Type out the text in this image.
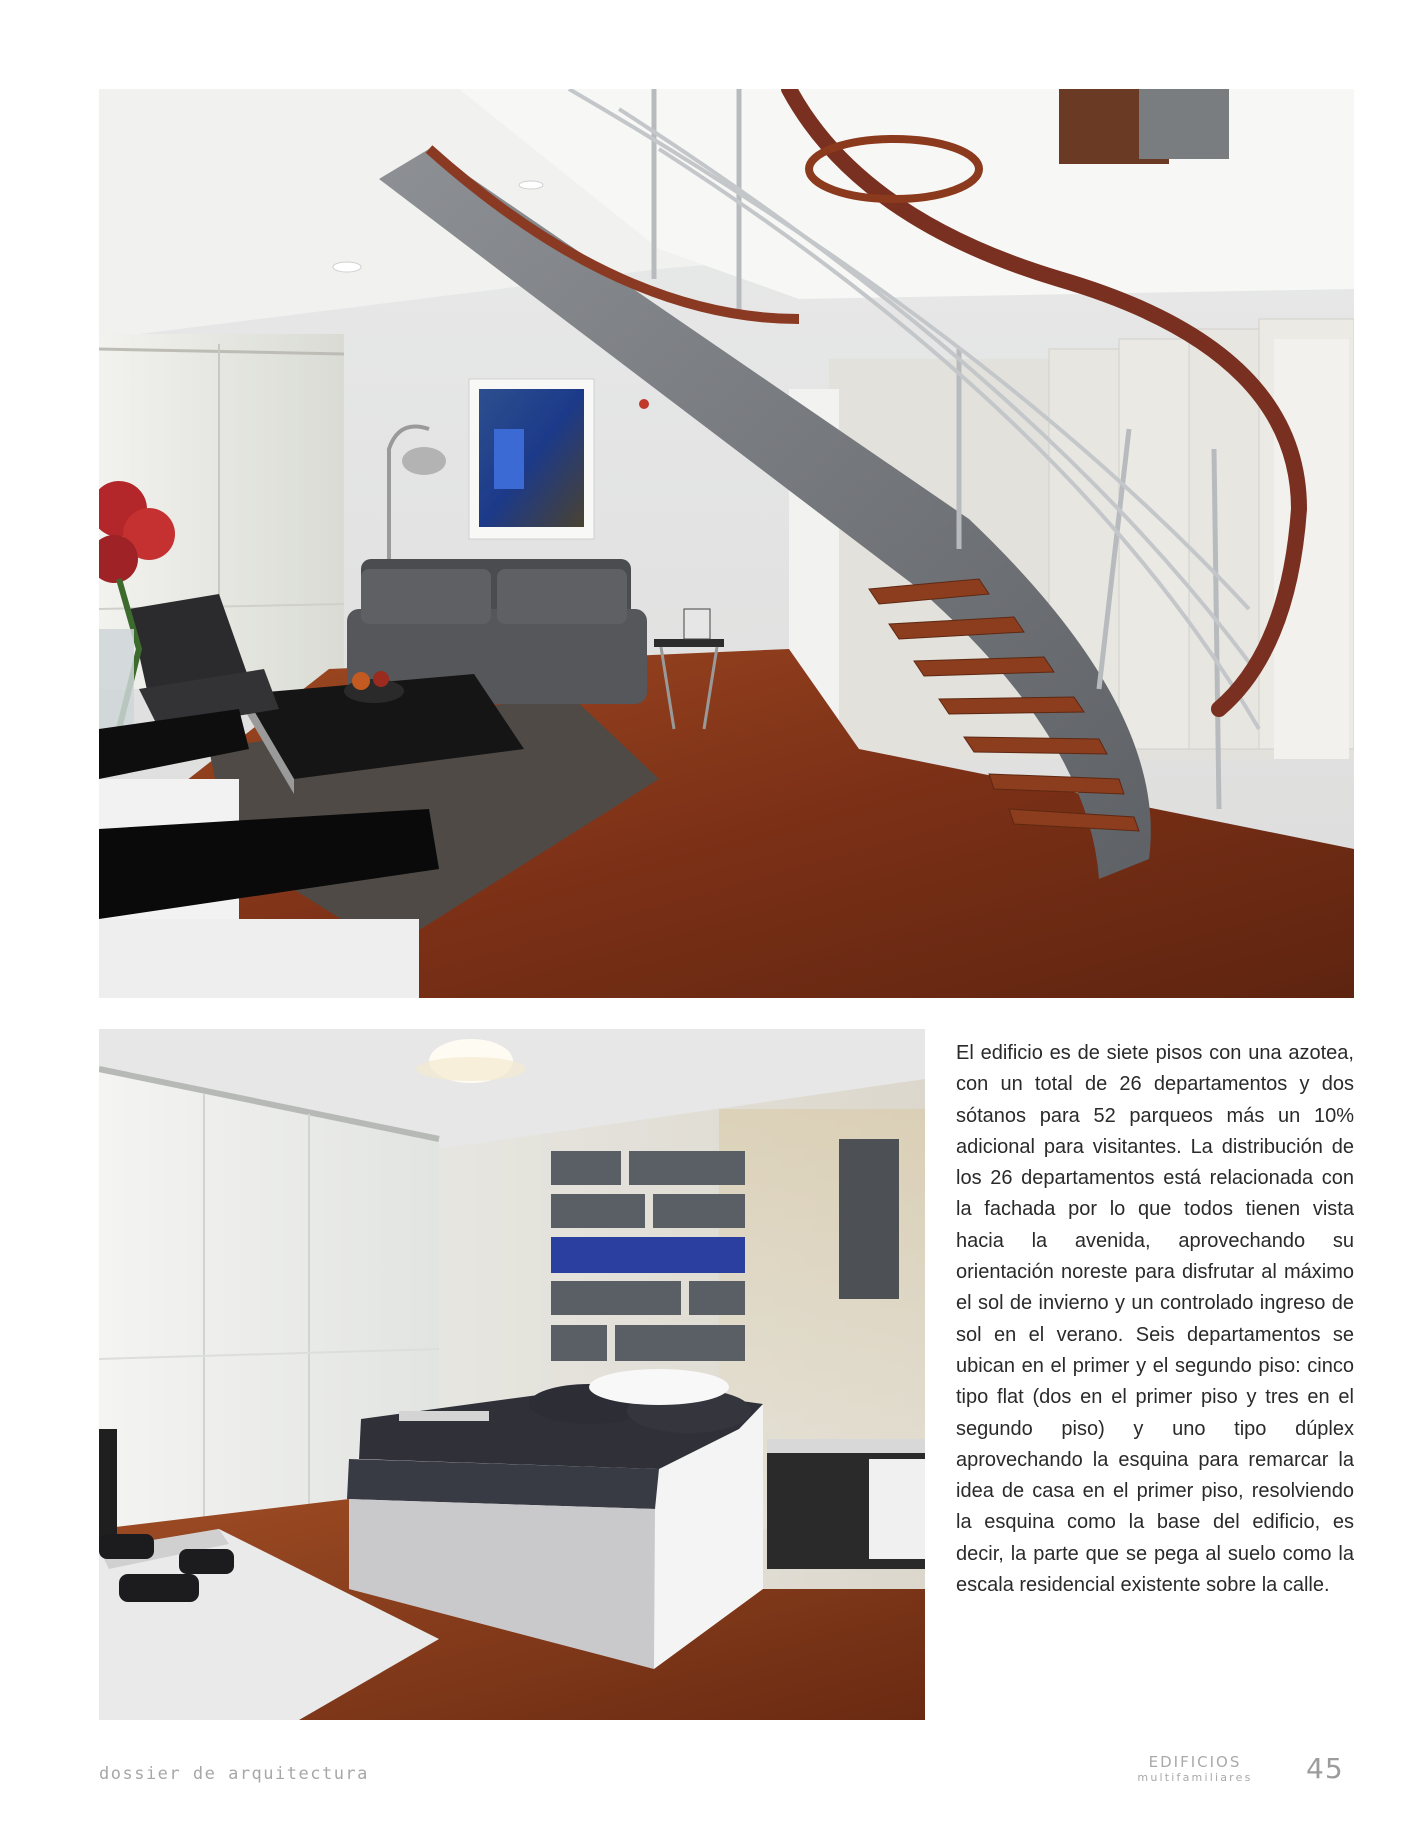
El edificio es de siete pisos con una azotea, con un total de 26 departamentos y dos sótanos para 52 parqueos más un 10% adicional para visitantes. La distribución de los 26 departamentos está relacionada con la fachada por lo que todos tienen vista hacia la avenida, aprovechando su orientación noreste para disfrutar al máximo el sol de invierno y un controlado ingreso de sol en el verano. Seis departamentos se ubican en el primer y el segundo piso: cinco tipo flat (dos en el primer piso y tres en el segundo piso) y uno tipo dúplex aprovechando la esquina para remarcar la idea de casa en el primer piso, resolviendo la esquina como la base del edificio, es decir, la parte que se pega al suelo como la escala residencial existente sobre la calle.

dossier de arquitectura
EDIFICIOS
multifamiliares	45
